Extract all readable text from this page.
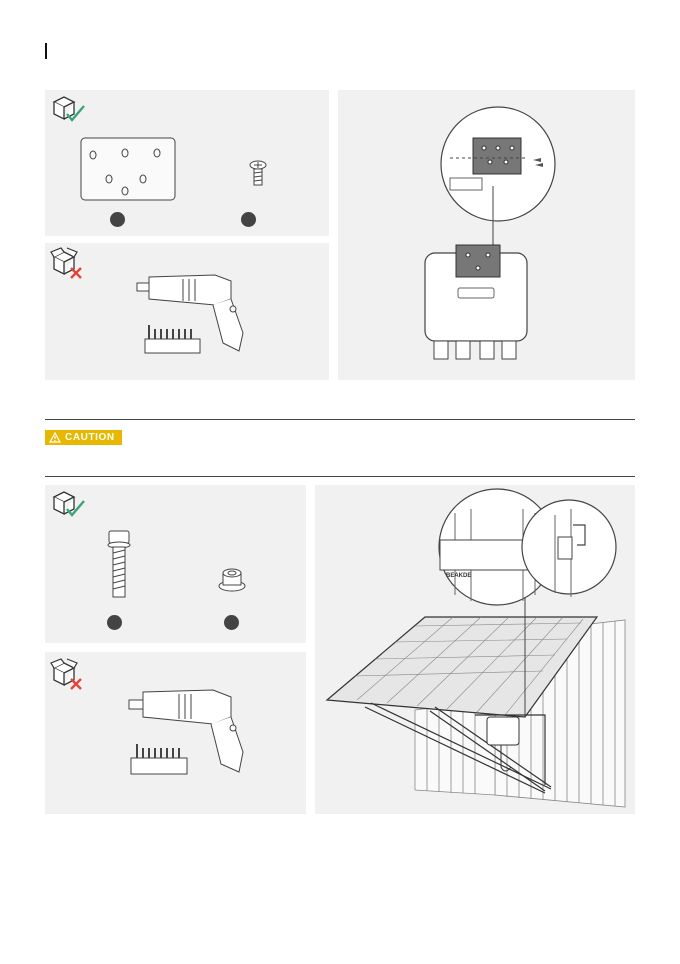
CAUTION
BEAKDE
